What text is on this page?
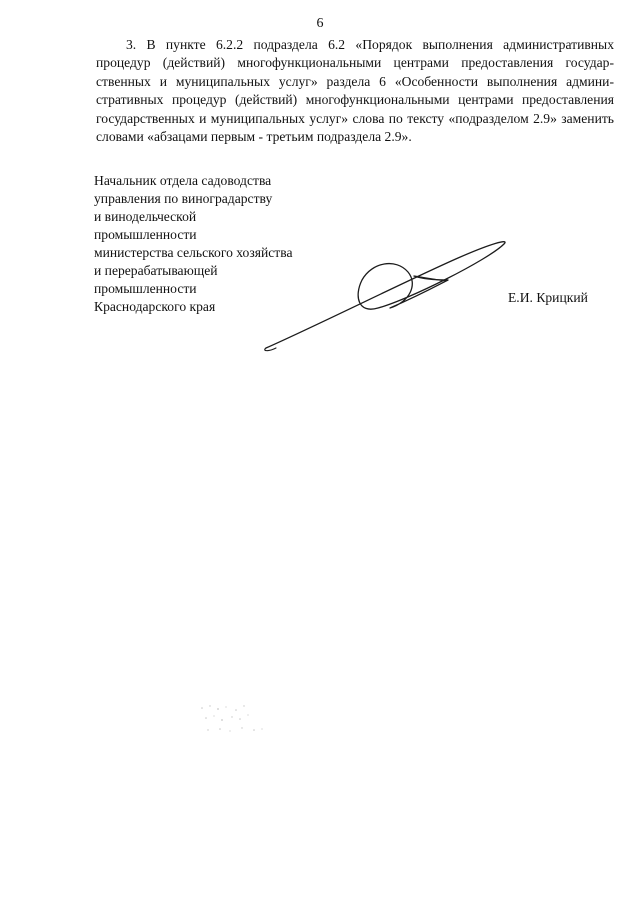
6

3. В пункте 6.2.2 подраздела 6.2 «Порядок выполнения административных процедур (действий) многофункциональными центрами предоставления государственных и муниципальных услуг» раздела 6 «Особенности выполнения административных процедур (действий) многофункциональными центрами предоставления государственных и муниципальных услуг» слова по тексту «подразделом 2.9» заменить словами «абзацами первым - третьим подраздела 2.9».

Начальник отдела садоводства
управления по виноградарству
и винодельческой
промышленности
министерства сельского хозяйства
и перерабатывающей
промышленности
Краснодарского края
Е.И. Крицкий
